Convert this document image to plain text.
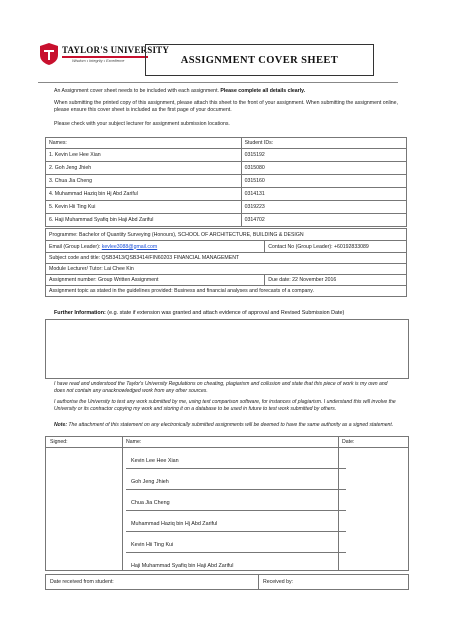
TAYLOR'S UNIVERSITY
Wisdom • Integrity • Excellence	ASSIGNMENT COVER SHEET
An Assignment cover sheet needs to be included with each assignment. Please complete all details clearly.
When submitting the printed copy of this assignment, please attach this sheet to the front of your assignment. When submitting the assignment online, please ensure this cover sheet is included as the first page of your document.
Please check with your subject lecturer for assignment submission locations.
Names:	Student IDs:
1. Kevin Lee Hee Xian	0315192
2. Goh Jeng Jhieh	0315080
3. Chua Jia Cheng	0315160
4. Muhammad Haziq bin Hj Abd Zariful	0314131
5. Kevin Hii Ting Kui	0319223
6. Haji Muhammad Syafiq bin Haji Abd Zariful	0314702
Programme: Bachelor of Quantity Surveying (Honours), SCHOOL OF ARCHITECTURE, BUILDING & DESIGN	
Email (Group Leader): kevlee3088@gmail.com	Contact No (Group Leader): +60192833089
Subject code and title: QSB3413/QSB3414/FIN60203 FINANCIAL MANAGEMENT	
Module Lecturer/ Tutor: Lai Chee Kin	
Assignment number: Group Written Assignment	Due date: 22 November 2016
Assignment topic as stated in the guidelines provided: Business and financial analyses and forecasts of a company.	
Further Information: (e.g. state if extension was granted and attach evidence of approval and Revised Submission Date)
I have read and understood the Taylor's University Regulations on cheating, plagiarism and collusion and state that this piece of work is my own and does not contain any unacknowledged work from any other sources.
I authorise the University to test any work submitted by me, using text comparison software, for instances of plagiarism. I understand this will involve the University or its contractor copying my work and storing it on a database to be used in future to test work submitted by others.
Note: The attachment of this statement on any electronically submitted assignments will be deemed to have the same authority as a signed statement.
Signed:	Name:	Date:
Kevin Lee Hee Xian
Goh Jeng Jhieh
Chua Jia Cheng
Muhammad Haziq bin Hj Abd Zariful
Kevin Hii Ting Kui
Haji Muhammad Syafiq bin Haji Abd Zariful
Date received from student:	Received by:
